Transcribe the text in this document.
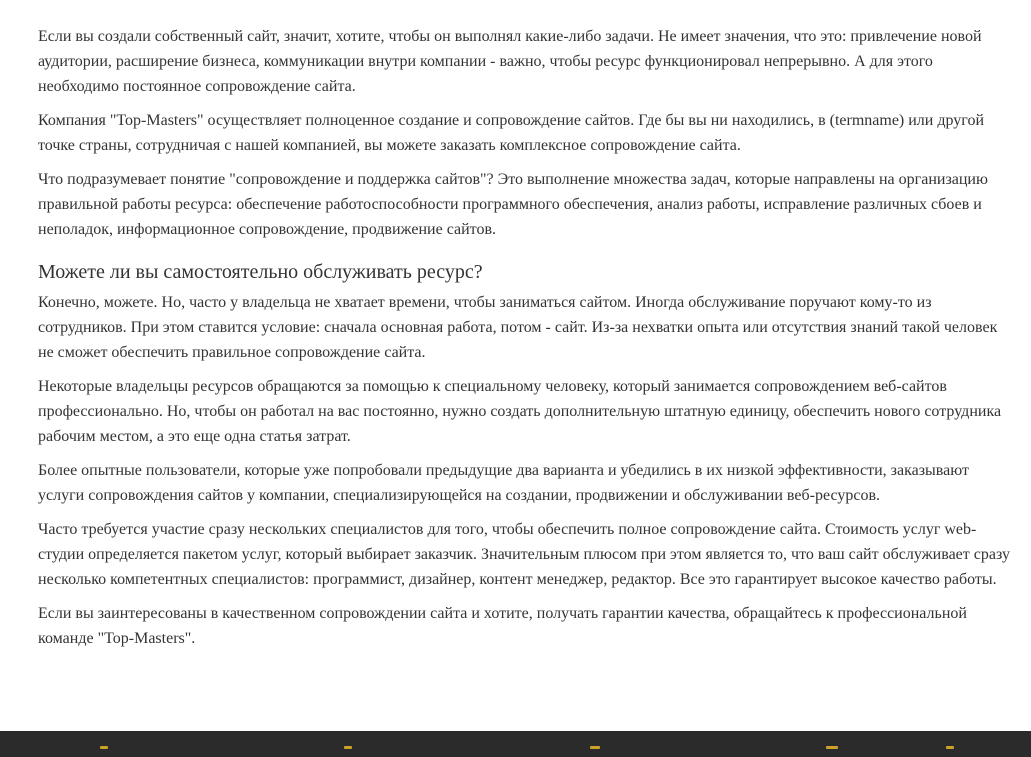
Если вы создали собственный сайт, значит, хотите, чтобы он выполнял какие-либо задачи. Не имеет значения, что это: привлечение новой аудитории, расширение бизнеса, коммуникации внутри компании - важно, чтобы ресурс функционировал непрерывно. А для этого необходимо постоянное сопровождение сайта.

Компания "Top-Masters" осуществляет полноценное создание и сопровождение сайтов. Где бы вы ни находились, в (termname) или другой точке страны, сотрудничая с нашей компанией, вы можете заказать комплексное сопровождение сайта.

Что подразумевает понятие "сопровождение и поддержка сайтов"? Это выполнение множества задач, которые направлены на организацию правильной работы ресурса: обеспечение работоспособности программного обеспечения, анализ работы, исправление различных сбоев и неполадок, информационное сопровождение, продвижение сайтов.

Можете ли вы самостоятельно обслуживать ресурс?

Конечно, можете. Но, часто у владельца не хватает времени, чтобы заниматься сайтом. Иногда обслуживание поручают кому-то из сотрудников. При этом ставится условие: сначала основная работа, потом - сайт. Из-за нехватки опыта или отсутствия знаний такой человек не сможет обеспечить правильное сопровождение сайта.

Некоторые владельцы ресурсов обращаются за помощью к специальному человеку, который занимается сопровождением веб-сайтов профессионально. Но, чтобы он работал на вас постоянно, нужно создать дополнительную штатную единицу, обеспечить нового сотрудника рабочим местом, а это еще одна статья затрат.

Более опытные пользователи, которые уже попробовали предыдущие два варианта и убедились в их низкой эффективности, заказывают услуги сопровождения сайтов у компании, специализирующейся на создании, продвижении и обслуживании веб-ресурсов.

Часто требуется участие сразу нескольких специалистов для того, чтобы обеспечить полное сопровождение сайта. Стоимость услуг web-студии определяется пакетом услуг, который выбирает заказчик. Значительным плюсом при этом является то, что ваш сайт обслуживает сразу несколько компетентных специалистов: программист, дизайнер, контент менеджер, редактор. Все это гарантирует высокое качество работы.

Если вы заинтересованы в качественном сопровождении сайта и хотите, получать гарантии качества, обращайтесь к профессиональной команде "Top-Masters".
